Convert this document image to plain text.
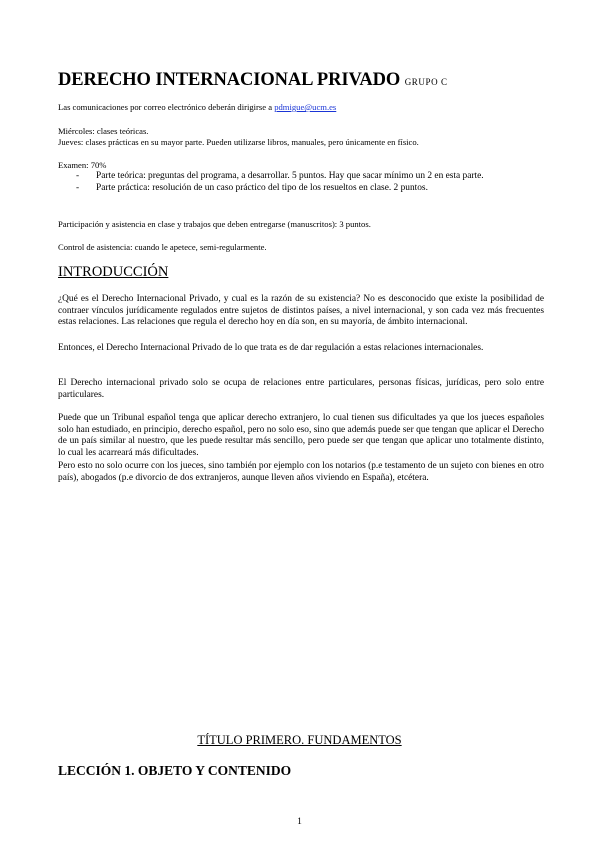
DERECHO INTERNACIONAL PRIVADO GRUPO C
Las comunicaciones por correo electrónico deberán dirigirse a pdmigue@ucm.es
Miércoles: clases teóricas.
Jueves: clases prácticas en su mayor parte. Pueden utilizarse libros, manuales, pero únicamente en físico.
Examen: 70%
- Parte teórica: preguntas del programa, a desarrollar. 5 puntos. Hay que sacar mínimo un 2 en esta parte.
- Parte práctica: resolución de un caso práctico del tipo de los resueltos en clase. 2 puntos.
Participación y asistencia en clase y trabajos que deben entregarse (manuscritos): 3 puntos.
Control de asistencia: cuando le apetece, semi-regularmente.
INTRODUCCIÓN
¿Qué es el Derecho Internacional Privado, y cual es la razón de su existencia? No es desconocido que existe la posibilidad de contraer vínculos jurídicamente regulados entre sujetos de distintos países, a nivel internacional, y son cada vez más frecuentes estas relaciones. Las relaciones que regula el derecho hoy en día son, en su mayoría, de ámbito internacional.
Entonces, el Derecho Internacional Privado de lo que trata es de dar regulación a estas relaciones internacionales.
El Derecho internacional privado solo se ocupa de relaciones entre particulares, personas físicas, jurídicas, pero solo entre particulares.
Puede que un Tribunal español tenga que aplicar derecho extranjero, lo cual tienen sus dificultades ya que los jueces españoles solo han estudiado, en principio, derecho español, pero no solo eso, sino que además puede ser que tengan que aplicar el Derecho de un país similar al nuestro, que les puede resultar más sencillo, pero puede ser que tengan que aplicar uno totalmente distinto, lo cual les acarreará más dificultades.
Pero esto no solo ocurre con los jueces, sino también por ejemplo con los notarios (p.e testamento de un sujeto con bienes en otro país), abogados (p.e divorcio de dos extranjeros, aunque lleven años viviendo en España), etcétera.
TÍTULO PRIMERO. FUNDAMENTOS
LECCIÓN 1. OBJETO Y CONTENIDO
1
